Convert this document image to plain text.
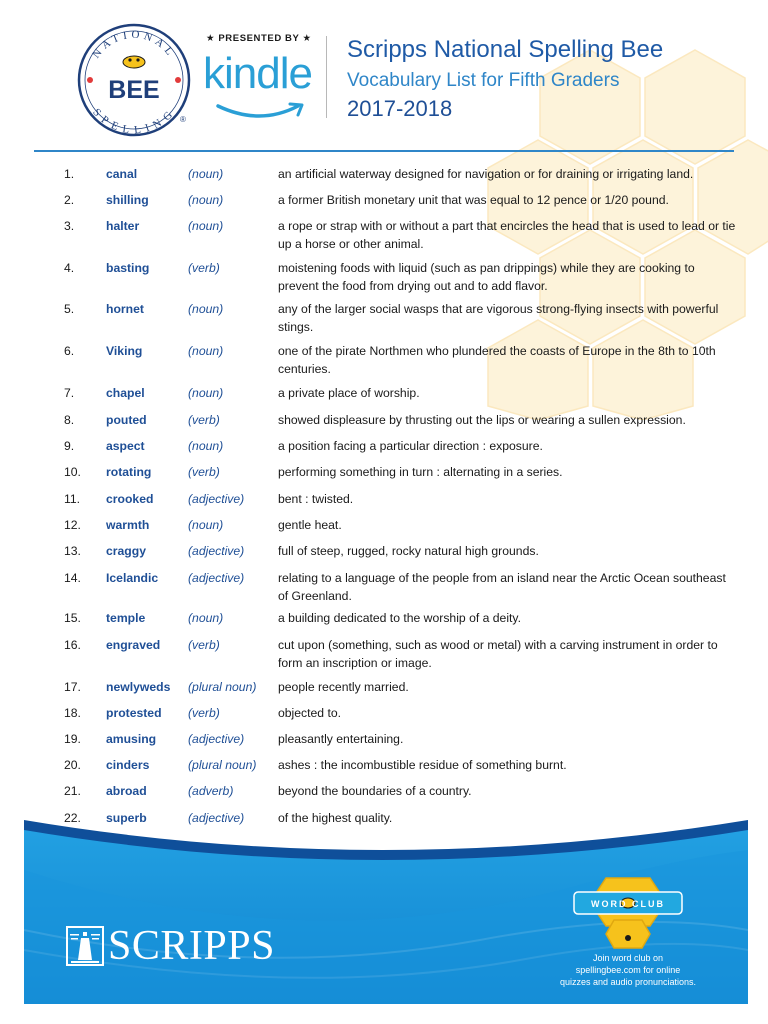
NATIONAL
SPELLING
BEE
®
★ PRESENTED BY ★
kindle Scripps National Spelling Bee
Vocabulary List for Fifth Graders
2017-2018
1.	canal	(noun)	an artificial waterway designed for navigation or for draining or irrigating land.
2.	shilling	(noun)	a former British monetary unit that was equal to 12 pence or 1/20 pound.
3.	halter	(noun)	a rope or strap with or without a part that encircles the head that is used to lead or tie up a horse or other animal.
4.	basting	(verb)	moistening foods with liquid (such as pan drippings) while they are cooking to prevent the food from drying out and to add flavor.
5.	hornet	(noun)	any of the larger social wasps that are vigorous strong-flying insects with powerful stings.
6.	Viking	(noun)	one of the pirate Northmen who plundered the coasts of Europe in the 8th to 10th centuries.
7.	chapel	(noun)	a private place of worship.
8.	pouted	(verb)	showed displeasure by thrusting out the lips or wearing a sullen expression.
9.	aspect	(noun)	a position facing a particular direction : exposure.
10.	rotating	(verb)	performing something in turn : alternating in a series.
11.	crooked	(adjective)	bent : twisted.
12.	warmth	(noun)	gentle heat.
13.	craggy	(adjective)	full of steep, rugged, rocky natural high grounds.
14.	Icelandic	(adjective)	relating to a language of the people from an island near the Arctic Ocean southeast of Greenland.
15.	temple	(noun)	a building dedicated to the worship of a deity.
16.	engraved	(verb)	cut upon (something, such as wood or metal) with a carving instrument in order to form an inscription or image.
17.	newlyweds	(plural noun)	people recently married.
18.	protested	(verb)	objected to.
19.	amusing	(adjective)	pleasantly entertaining.
20.	cinders	(plural noun)	ashes : the incombustible residue of something burnt.
21.	abroad	(adverb)	beyond the boundaries of a country.
22.	superb	(adjective)	of the highest quality.
SCRIPPS
WORD CLUB
Join word club on
spellingbee.com for online
quizzes and audio pronunciations.
